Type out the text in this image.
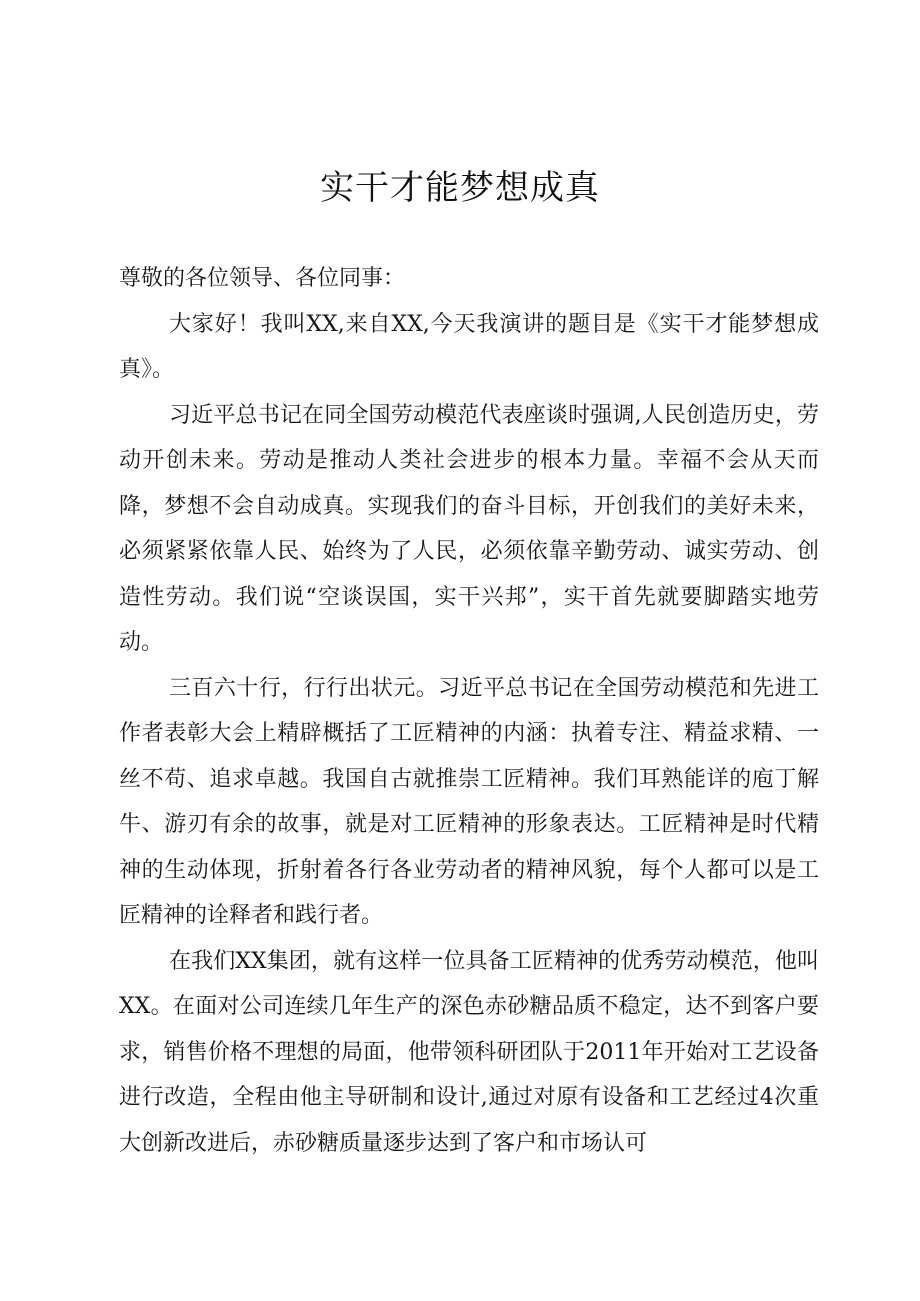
实干才能梦想成真

尊敬的各位领导、各位同事：

大家好！我叫XX,来自XX,今天我演讲的题目是《实干才能梦想成真》。

习近平总书记在同全国劳动模范代表座谈时强调,人民创造历史，劳动开创未来。劳动是推动人类社会进步的根本力量。幸福不会从天而降，梦想不会自动成真。实现我们的奋斗目标，开创我们的美好未来，必须紧紧依靠人民、始终为了人民，必须依靠辛勤劳动、诚实劳动、创造性劳动。我们说“空谈误国，实干兴邦”，实干首先就要脚踏实地劳动。

三百六十行，行行出状元。习近平总书记在全国劳动模范和先进工作者表彰大会上精辟概括了工匠精神的内涵：执着专注、精益求精、一丝不苟、追求卓越。我国自古就推崇工匠精神。我们耳熟能详的庖丁解牛、游刃有余的故事，就是对工匠精神的形象表达。工匠精神是时代精神的生动体现，折射着各行各业劳动者的精神风貌，每个人都可以是工匠精神的诠释者和践行者。

在我们XX集团，就有这样一位具备工匠精神的优秀劳动模范，他叫XX。在面对公司连续几年生产的深色赤砂糖品质不稳定，达不到客户要求，销售价格不理想的局面，他带领科研团队于2011年开始对工艺设备进行改造，全程由他主导研制和设计,通过对原有设备和工艺经过4次重大创新改进后，赤砂糖质量逐步达到了客户和市场认可
